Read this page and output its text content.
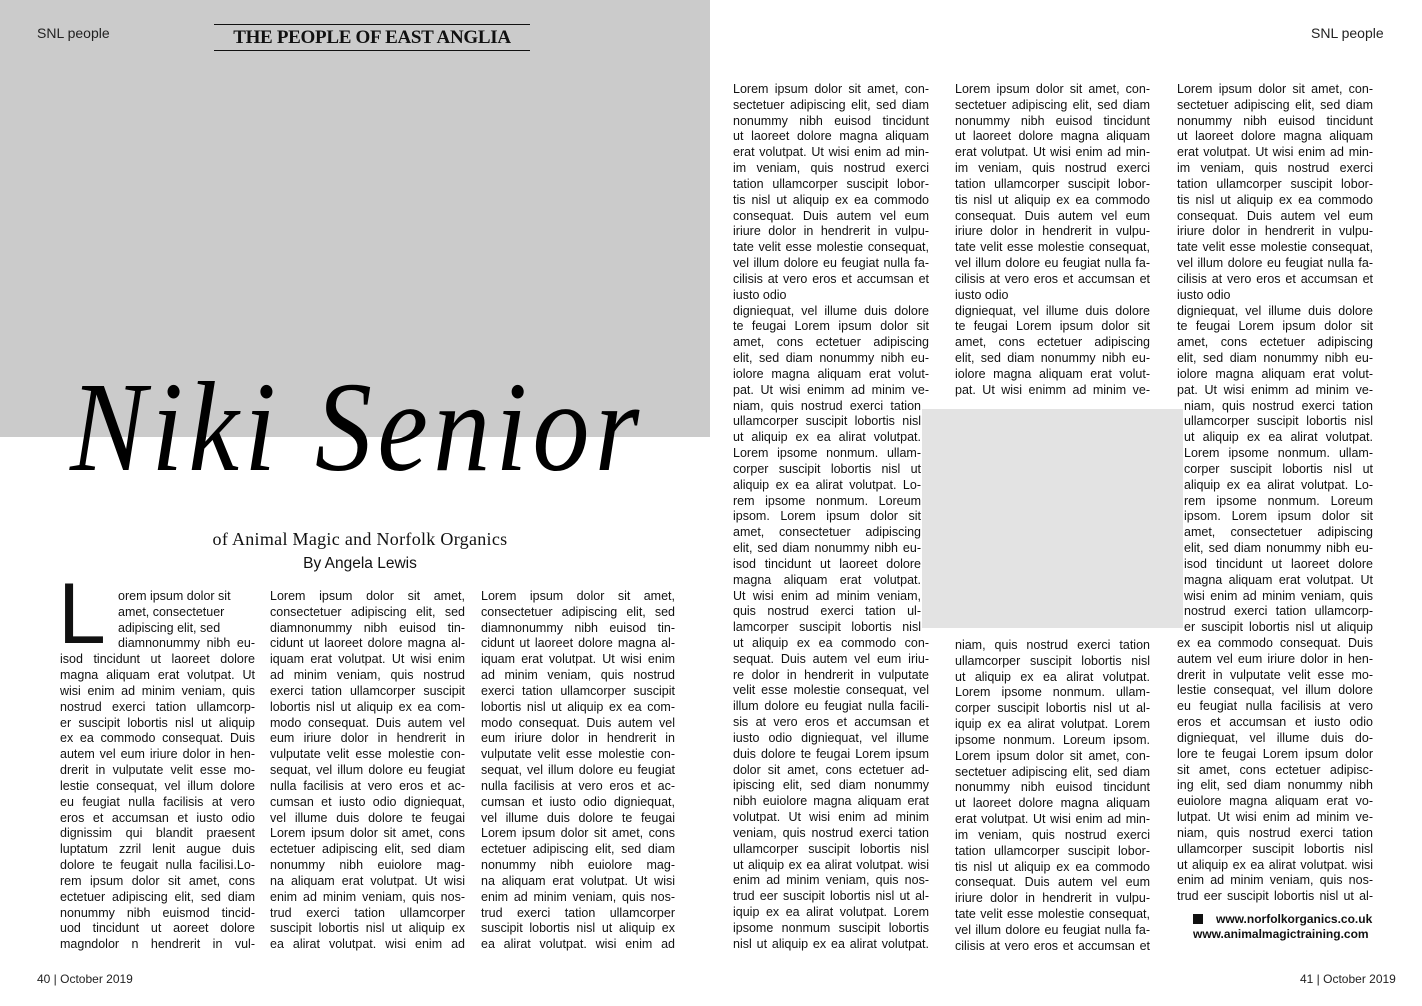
SNL people	SNL people
THE PEOPLE OF EAST ANGLIA
Niki Senior
of Animal Magic and Norfolk Organics
By Angela Lewis
L orem ipsum dolor sit
amet, consectetuer
adipiscing elit, sed
diamnonummy nibh eu-
isod tincidunt ut laoreet dolore
magna aliquam erat volutpat. Ut
wisi enim ad minim veniam, quis
nostrud exerci tation ullamcorp-
er suscipit lobortis nisl ut aliquip
ex ea commodo consequat. Duis
autem vel eum iriure dolor in hen-
drerit in vulputate velit esse mo-
lestie consequat, vel illum dolore
eu feugiat nulla facilisis at vero
eros et accumsan et iusto odio
dignissim qui blandit praesent
luptatum zzril lenit augue duis
dolore te feugait nulla facilisi.Lo-
rem ipsum dolor sit amet, cons
ectetuer adipiscing elit, sed diam
nonummy nibh euismod tincid-
uod tincidunt ut aoreet dolore
magndolor n hendrerit in vul-
Lorem ipsum dolor sit amet,
consectetuer adipiscing elit, sed
diamnonummy nibh euisod tin-
cidunt ut laoreet dolore magna al-
iquam erat volutpat. Ut wisi enim
ad minim veniam, quis nostrud
exerci tation ullamcorper suscipit
lobortis nisl ut aliquip ex ea com-
modo consequat. Duis autem vel
eum iriure dolor in hendrerit in
vulputate velit esse molestie con-
sequat, vel illum dolore eu feugiat
nulla facilisis at vero eros et ac-
cumsan et iusto odio digniequat,
vel illume duis dolore te feugai
Lorem ipsum dolor sit amet, cons
ectetuer adipiscing elit, sed diam
nonummy nibh euiolore mag-
na aliquam erat volutpat. Ut wisi
enim ad minim veniam, quis nos-
trud exerci tation ullamcorper
suscipit lobortis nisl ut aliquip ex
ea alirat volutpat. wisi enim ad
Lorem ipsum dolor sit amet,
consectetuer adipiscing elit, sed
diamnonummy nibh euisod tin-
cidunt ut laoreet dolore magna al-
iquam erat volutpat. Ut wisi enim
ad minim veniam, quis nostrud
exerci tation ullamcorper suscipit
lobortis nisl ut aliquip ex ea com-
modo consequat. Duis autem vel
eum iriure dolor in hendrerit in
vulputate velit esse molestie con-
sequat, vel illum dolore eu feugiat
nulla facilisis at vero eros et ac-
cumsan et iusto odio digniequat,
vel illume duis dolore te feugai
Lorem ipsum dolor sit amet, cons
ectetuer adipiscing elit, sed diam
nonummy nibh euiolore mag-
na aliquam erat volutpat. Ut wisi
enim ad minim veniam, quis nos-
trud exerci tation ullamcorper
suscipit lobortis nisl ut aliquip ex
ea alirat volutpat. wisi enim ad
Lorem ipsum dolor sit amet, con-
sectetuer adipiscing elit, sed diam
nonummy nibh euisod tincidunt
ut laoreet dolore magna aliquam
erat volutpat. Ut wisi enim ad min-
im veniam, quis nostrud exerci
tation ullamcorper suscipit lobor-
tis nisl ut aliquip ex ea commodo
consequat. Duis autem vel eum
iriure dolor in hendrerit in vulpu-
tate velit esse molestie consequat,
vel illum dolore eu feugiat nulla fa-
cilisis at vero eros et accumsan et
iusto odio
digniequat, vel illume duis dolore
te feugai Lorem ipsum dolor sit
amet, cons ectetuer adipiscing
elit, sed diam nonummy nibh eu-
iolore magna aliquam erat volut-
pat. Ut wisi enimm ad minim ve-
niam, quis nostrud exerci tation
ullamcorper suscipit lobortis nisl
ut aliquip ex ea alirat volutpat.
Lorem ipsome nonmum. ullam-
corper suscipit lobortis nisl ut
aliquip ex ea alirat volutpat. Lo-
rem ipsome nonmum. Loreum
ipsom. Lorem ipsum dolor sit
amet, consectetuer adipiscing
elit, sed diam nonummy nibh eu-
isod tincidunt ut laoreet dolore
magna aliquam erat volutpat.
Ut wisi enim ad minim veniam,
quis nostrud exerci tation ul-
lamcorper suscipit lobortis nisl
ut aliquip ex ea commodo con-
sequat. Duis autem vel eum iriu-
re dolor in hendrerit in vulputate
velit esse molestie consequat, vel
illum dolore eu feugiat nulla facili-
sis at vero eros et accumsan et
iusto odio digniequat, vel illume
duis dolore te feugai Lorem ipsum
dolor sit amet, cons ectetuer ad-
ipiscing elit, sed diam nonummy
nibh euiolore magna aliquam erat
volutpat. Ut wisi enim ad minim
veniam, quis nostrud exerci tation
ullamcorper suscipit lobortis nisl
ut aliquip ex ea alirat volutpat. wisi
enim ad minim veniam, quis nos-
trud eer suscipit lobortis nisl ut al-
iquip ex ea alirat volutpat. Lorem
ipsome nonmum suscipit lobortis
nisl ut aliquip ex ea alirat volutpat.
Lorem ipsum dolor sit amet, con-
sectetuer adipiscing elit, sed diam
nonummy nibh euisod tincidunt
ut laoreet dolore magna aliquam
erat volutpat. Ut wisi enim ad min-
im veniam, quis nostrud exerci
tation ullamcorper suscipit lobor-
tis nisl ut aliquip ex ea commodo
consequat. Duis autem vel eum
iriure dolor in hendrerit in vulpu-
tate velit esse molestie consequat,
vel illum dolore eu feugiat nulla fa-
cilisis at vero eros et accumsan et
iusto odio
digniequat, vel illume duis dolore
te feugai Lorem ipsum dolor sit
amet, cons ectetuer adipiscing
elit, sed diam nonummy nibh eu-
iolore magna aliquam erat volut-
pat. Ut wisi enimm ad minim ve-
niam, quis nostrud exerci tation
ullamcorper suscipit lobortis nisl
ut aliquip ex ea alirat volutpat.
Lorem ipsome nonmum. ullam-
corper suscipit lobortis nisl ut al-
iquip ex ea alirat volutpat. Lorem
ipsome nonmum. Loreum ipsom.
Lorem ipsum dolor sit amet, con-
sectetuer adipiscing elit, sed diam
nonummy nibh euisod tincidunt
ut laoreet dolore magna aliquam
erat volutpat. Ut wisi enim ad min-
im veniam, quis nostrud exerci
tation ullamcorper suscipit lobor-
tis nisl ut aliquip ex ea commodo
consequat. Duis autem vel eum
iriure dolor in hendrerit in vulpu-
tate velit esse molestie consequat,
vel illum dolore eu feugiat nulla fa-
cilisis at vero eros et accumsan et
Lorem ipsum dolor sit amet, con-
sectetuer adipiscing elit, sed diam
nonummy nibh euisod tincidunt
ut laoreet dolore magna aliquam
erat volutpat. Ut wisi enim ad min-
im veniam, quis nostrud exerci
tation ullamcorper suscipit lobor-
tis nisl ut aliquip ex ea commodo
consequat. Duis autem vel eum
iriure dolor in hendrerit in vulpu-
tate velit esse molestie consequat,
vel illum dolore eu feugiat nulla fa-
cilisis at vero eros et accumsan et
iusto odio
digniequat, vel illume duis dolore
te feugai Lorem ipsum dolor sit
amet, cons ectetuer adipiscing
elit, sed diam nonummy nibh eu-
iolore magna aliquam erat volut-
pat. Ut wisi enimm ad minim ve-
niam, quis nostrud exerci tation
ullamcorper suscipit lobortis nisl
ut aliquip ex ea alirat volutpat.
Lorem ipsome nonmum. ullam-
corper suscipit lobortis nisl ut
aliquip ex ea alirat volutpat. Lo-
rem ipsome nonmum. Loreum
ipsom. Lorem ipsum dolor sit
amet, consectetuer adipiscing
elit, sed diam nonummy nibh eu-
isod tincidunt ut laoreet dolore
magna aliquam erat volutpat. Ut
wisi enim ad minim veniam, quis
nostrud exerci tation ullamcorp-
er suscipit lobortis nisl ut aliquip
ex ea commodo consequat. Duis
autem vel eum iriure dolor in hen-
drerit in vulputate velit esse mo-
lestie consequat, vel illum dolore
eu feugiat nulla facilisis at vero
eros et accumsan et iusto odio
digniequat, vel illume duis do-
lore te feugai Lorem ipsum dolor
sit amet, cons ectetuer adipisc-
ing elit, sed diam nonummy nibh
euiolore magna aliquam erat vo-
lutpat. Ut wisi enim ad minim ve-
niam, quis nostrud exerci tation
ullamcorper suscipit lobortis nisl
ut aliquip ex ea alirat volutpat. wisi
enim ad minim veniam, quis nos-
trud eer suscipit lobortis nisl ut al-
www.norfolkorganics.co.uk
www.animalmagictraining.com
40 | October 2019	41 | October 2019
